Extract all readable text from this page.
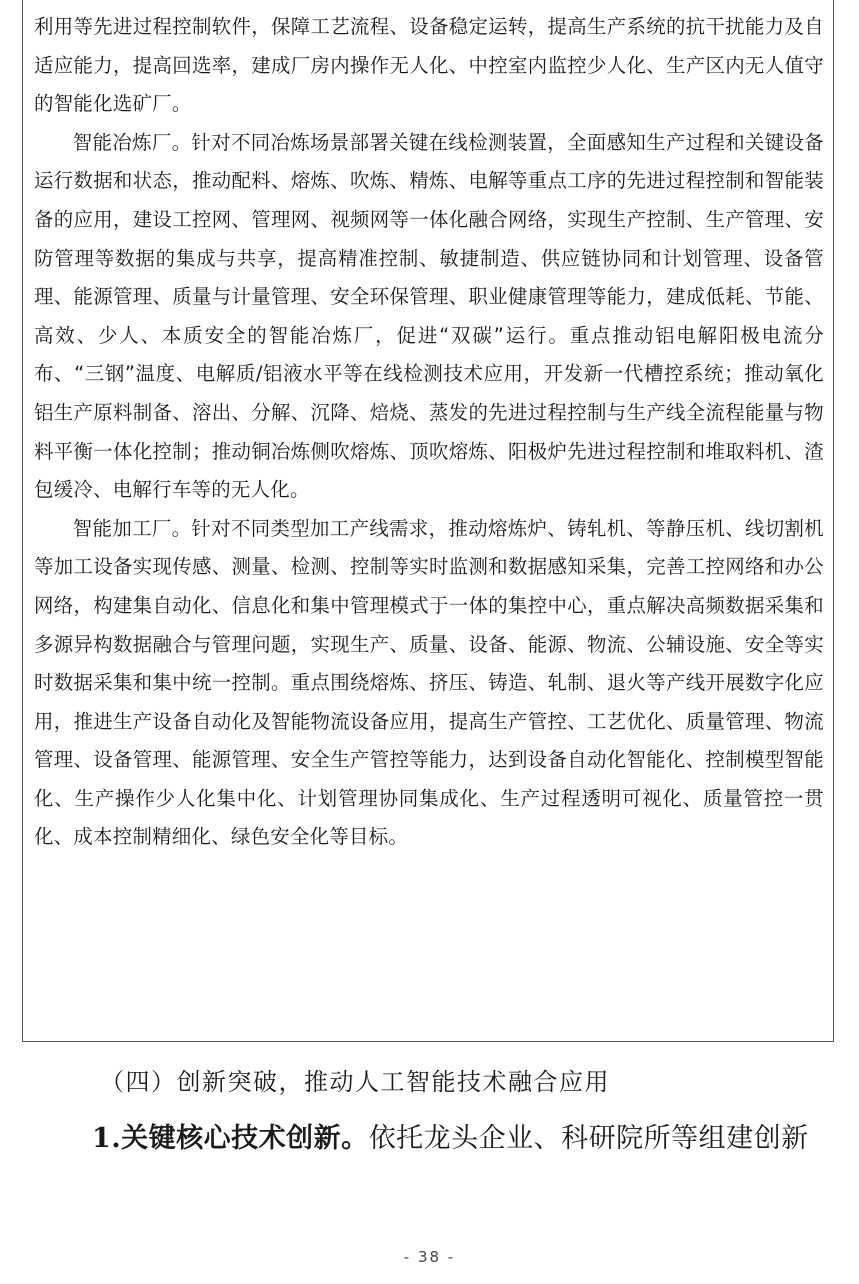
利用等先进过程控制软件，保障工艺流程、设备稳定运转，提高生产系统的抗干扰能力及自适应能力，提高回选率，建成厂房内操作无人化、中控室内监控少人化、生产区内无人值守的智能化选矿厂。

智能冶炼厂。针对不同冶炼场景部署关键在线检测装置，全面感知生产过程和关键设备运行数据和状态，推动配料、熔炼、吹炼、精炼、电解等重点工序的先进过程控制和智能装备的应用，建设工控网、管理网、视频网等一体化融合网络，实现生产控制、生产管理、安防管理等数据的集成与共享，提高精准控制、敏捷制造、供应链协同和计划管理、设备管理、能源管理、质量与计量管理、安全环保管理、职业健康管理等能力，建成低耗、节能、高效、少人、本质安全的智能冶炼厂，促进“双碳”运行。重点推动铝电解阳极电流分布、“三钢”温度、电解质/铝液水平等在线检测技术应用，开发新一代槽控系统；推动氧化铝生产原料制备、溶出、分解、沉降、焙烧、蒸发的先进过程控制与生产线全流程能量与物料平衡一体化控制；推动铜冶炼侧吹熔炼、顶吹熔炼、阳极炉先进过程控制和堆取料机、渣包缓冷、电解行车等的无人化。

智能加工厂。针对不同类型加工产线需求，推动熔炼炉、铸轧机、等静压机、线切割机等加工设备实现传感、测量、检测、控制等实时监测和数据感知采集，完善工控网络和办公网络，构建集自动化、信息化和集中管理模式于一体的集控中心，重点解决高频数据采集和多源异构数据融合与管理问题，实现生产、质量、设备、能源、物流、公辅设施、安全等实时数据采集和集中统一控制。重点围绕熔炼、挤压、铸造、轧制、退火等产线开展数字化应用，推进生产设备自动化及智能物流设备应用，提高生产管控、工艺优化、质量管理、物流管理、设备管理、能源管理、安全生产管控等能力，达到设备自动化智能化、控制模型智能化、生产操作少人化集中化、计划管理协同集成化、生产过程透明可视化、质量管控一贯化、成本控制精细化、绿色安全化等目标。

（四）创新突破，推动人工智能技术融合应用

1.关键核心技术创新。依托龙头企业、科研院所等组建创新

- 38 -
